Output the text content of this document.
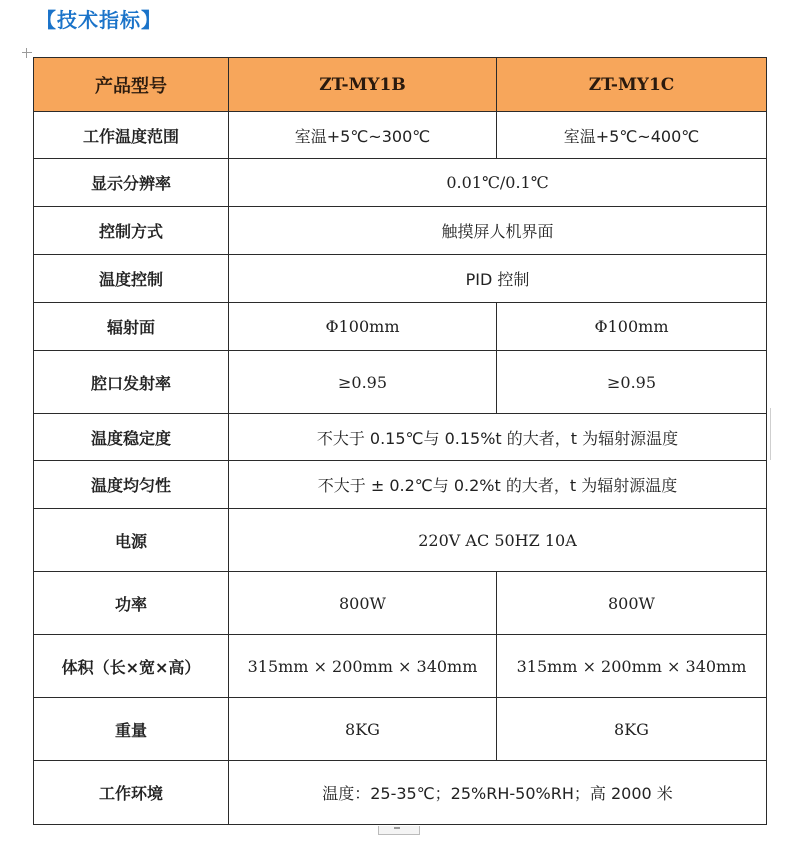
【技术指标】
产品型号	ZT-MY1B	ZT-MY1C
工作温度范围	室温+5℃~300℃	室温+5℃~400℃
显示分辨率	0.01℃/0.1℃	
控制方式	触摸屏人机界面	
温度控制	PID 控制	
辐射面	Φ100mm	Φ100mm
腔口发射率	≥0.95	≥0.95
温度稳定度	不大于 0.15℃与 0.15%t 的大者，t 为辐射源温度	
温度均匀性	不大于 ± 0.2℃与 0.2%t 的大者，t 为辐射源温度	
电源	220V AC 50HZ 10A	
功率	800W	800W
体积（长×宽×高）	315mm × 200mm × 340mm	315mm × 200mm × 340mm
重量	8KG	8KG
工作环境	温度：25-35℃；25%RH-50%RH；高 2000 米	
